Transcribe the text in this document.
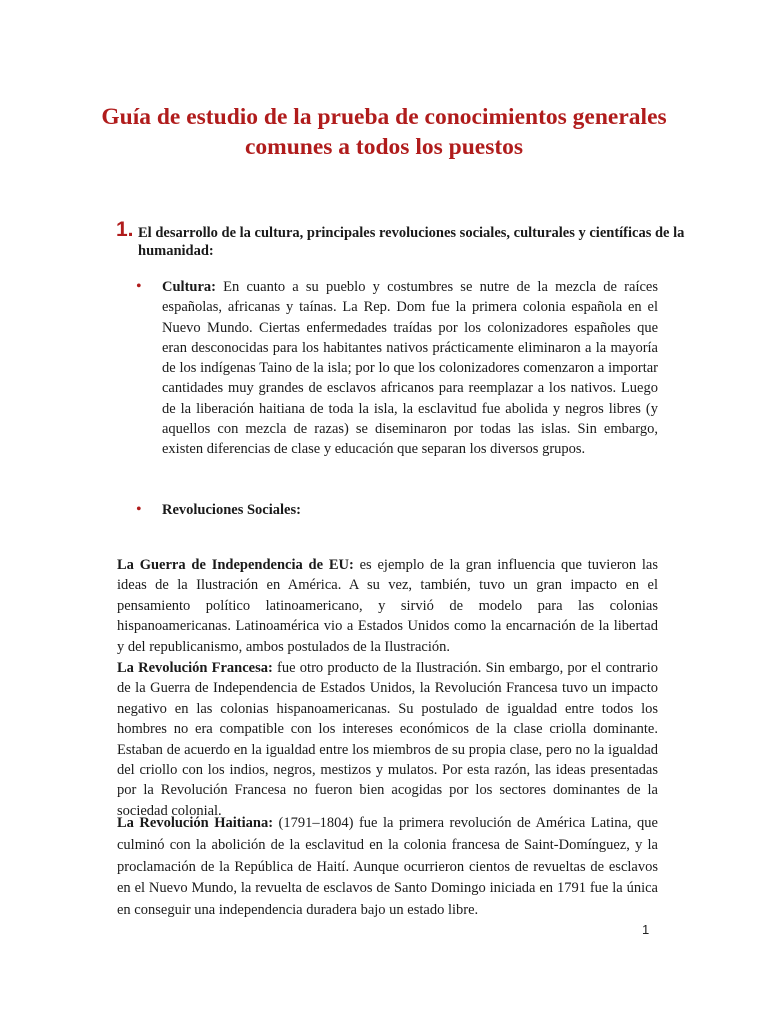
Guía de estudio de la prueba de conocimientos generales comunes a todos los puestos
1. El desarrollo de la cultura, principales revoluciones sociales, culturales y científicas de la humanidad:
• Cultura: En cuanto a su pueblo y costumbres se nutre de la mezcla de raíces españolas, africanas y taínas. La Rep. Dom fue la primera colonia española en el Nuevo Mundo. Ciertas enfermedades traídas por los colonizadores españoles que eran desconocidas para los habitantes nativos prácticamente eliminaron a la mayoría de los indígenas Taino de la isla; por lo que los colonizadores comenzaron a importar cantidades muy grandes de esclavos africanos para reemplazar a los nativos. Luego de la liberación haitiana de toda la isla, la esclavitud fue abolida y negros libres (y aquellos con mezcla de razas) se diseminaron por todas las islas. Sin embargo, existen diferencias de clase y educación que separan los diversos grupos.
• Revoluciones Sociales:
La Guerra de Independencia de EU: es ejemplo de la gran influencia que tuvieron las ideas de la Ilustración en América. A su vez, también, tuvo un gran impacto en el pensamiento político latinoamericano, y sirvió de modelo para las colonias hispanoamericanas. Latinoamérica vio a Estados Unidos como la encarnación de la libertad y del republicanismo, ambos postulados de la Ilustración.
La Revolución Francesa: fue otro producto de la Ilustración. Sin embargo, por el contrario de la Guerra de Independencia de Estados Unidos, la Revolución Francesa tuvo un impacto negativo en las colonias hispanoamericanas. Su postulado de igualdad entre todos los hombres no era compatible con los intereses económicos de la clase criolla dominante. Estaban de acuerdo en la igualdad entre los miembros de su propia clase, pero no la igualdad del criollo con los indios, negros, mestizos y mulatos. Por esta razón, las ideas presentadas por la Revolución Francesa no fueron bien acogidas por los sectores dominantes de la sociedad colonial.
La Revolución Haitiana: (1791–1804) fue la primera revolución de América Latina, que culminó con la abolición de la esclavitud en la colonia francesa de Saint-Domínguez, y la proclamación de la República de Haití. Aunque ocurrieron cientos de revueltas de esclavos en el Nuevo Mundo, la revuelta de esclavos de Santo Domingo iniciada en 1791 fue la única en conseguir una independencia duradera bajo un estado libre.
1
